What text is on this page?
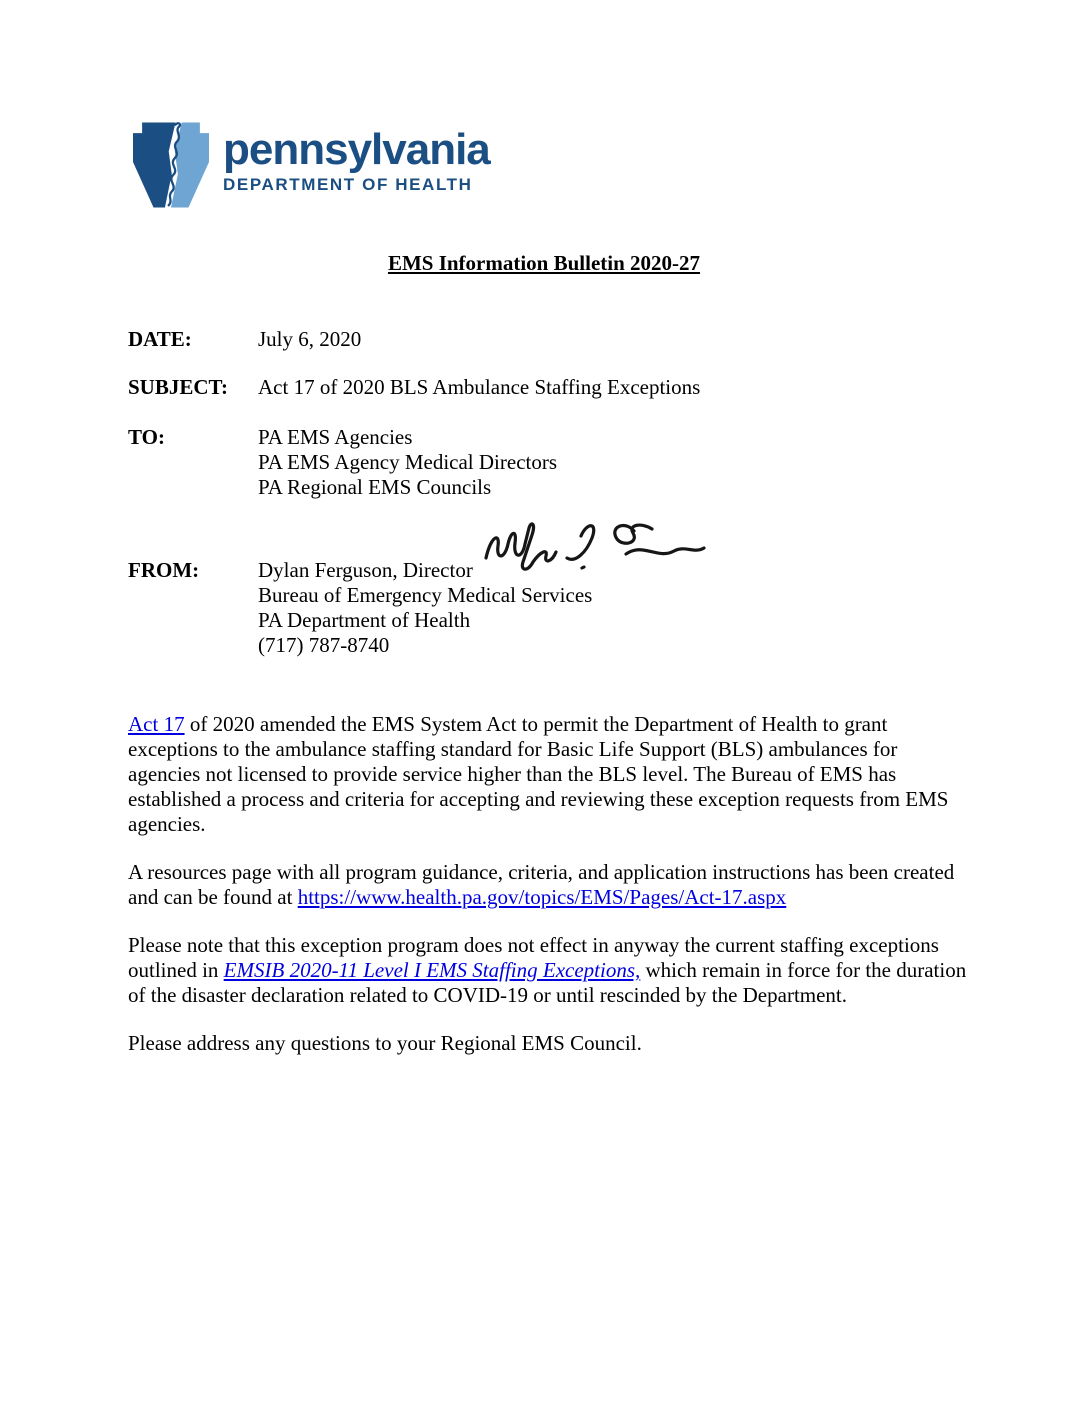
pennsylvania
DEPARTMENT OF HEALTH
EMS Information Bulletin 2020-27
DATE:	July 6, 2020
SUBJECT:	Act 17 of 2020 BLS Ambulance Staffing Exceptions
TO:	PA EMS Agencies
PA EMS Agency Medical Directors
PA Regional EMS Councils
FROM:	Dylan Ferguson, Director
Bureau of Emergency Medical Services
PA Department of Health
(717) 787-8740

Act 17 of 2020 amended the EMS System Act to permit the Department of Health to grant exceptions to the ambulance staffing standard for Basic Life Support (BLS) ambulances for agencies not licensed to provide service higher than the BLS level. The Bureau of EMS has established a process and criteria for accepting and reviewing these exception requests from EMS agencies.

A resources page with all program guidance, criteria, and application instructions has been created and can be found at https://www.health.pa.gov/topics/EMS/Pages/Act-17.aspx

Please note that this exception program does not effect in anyway the current staffing exceptions outlined in EMSIB 2020-11 Level I EMS Staffing Exceptions, which remain in force for the duration of the disaster declaration related to COVID-19 or until rescinded by the Department.

Please address any questions to your Regional EMS Council.
